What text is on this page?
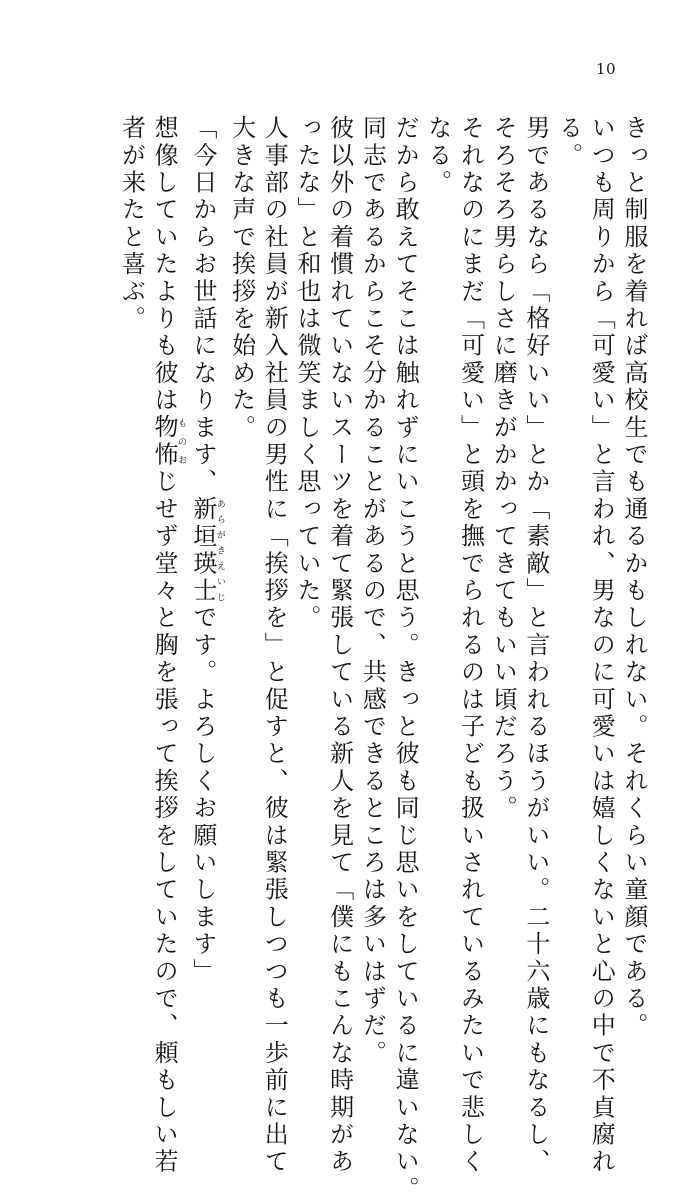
10

きっと制服を着れば高校生でも通るかもしれない。それくらい童顔である。

いつも周りから「可愛い」と言われ、男なのに可愛いは嬉しくないと心の中で不貞腐れ

る。

男であるなら「格好いい」とか「素敵」と言われるほうがいい。二十六歳にもなるし、

そろそろ男らしさに磨きがかかってきてもいい頃だろう。

それなのにまだ「可愛い」と頭を撫でられるのは子ども扱いされているみたいで悲しく

なる。

だから敢えてそこは触れずにいこうと思う。きっと彼も同じ思いをしているに違いない。

同志であるからこそ分かることがあるので、共感できるところは多いはずだ。

彼以外の着慣れていないスーツを着て緊張している新人を見て「僕にもこんな時期があ

ったな」と和也は微笑ましく思っていた。

人事部の社員が新入社員の男性に「挨拶を」と促すと、彼は緊張しつつも一歩前に出て

大きな声で挨拶を始めた。

「今日からお世話になります、新垣瑛士あらがきえいじです。よろしくお願いします」

想像していたよりも彼は物怖ものおじせず堂々と胸を張って挨拶をしていたので、頼もしい若

者が来たと喜ぶ。
